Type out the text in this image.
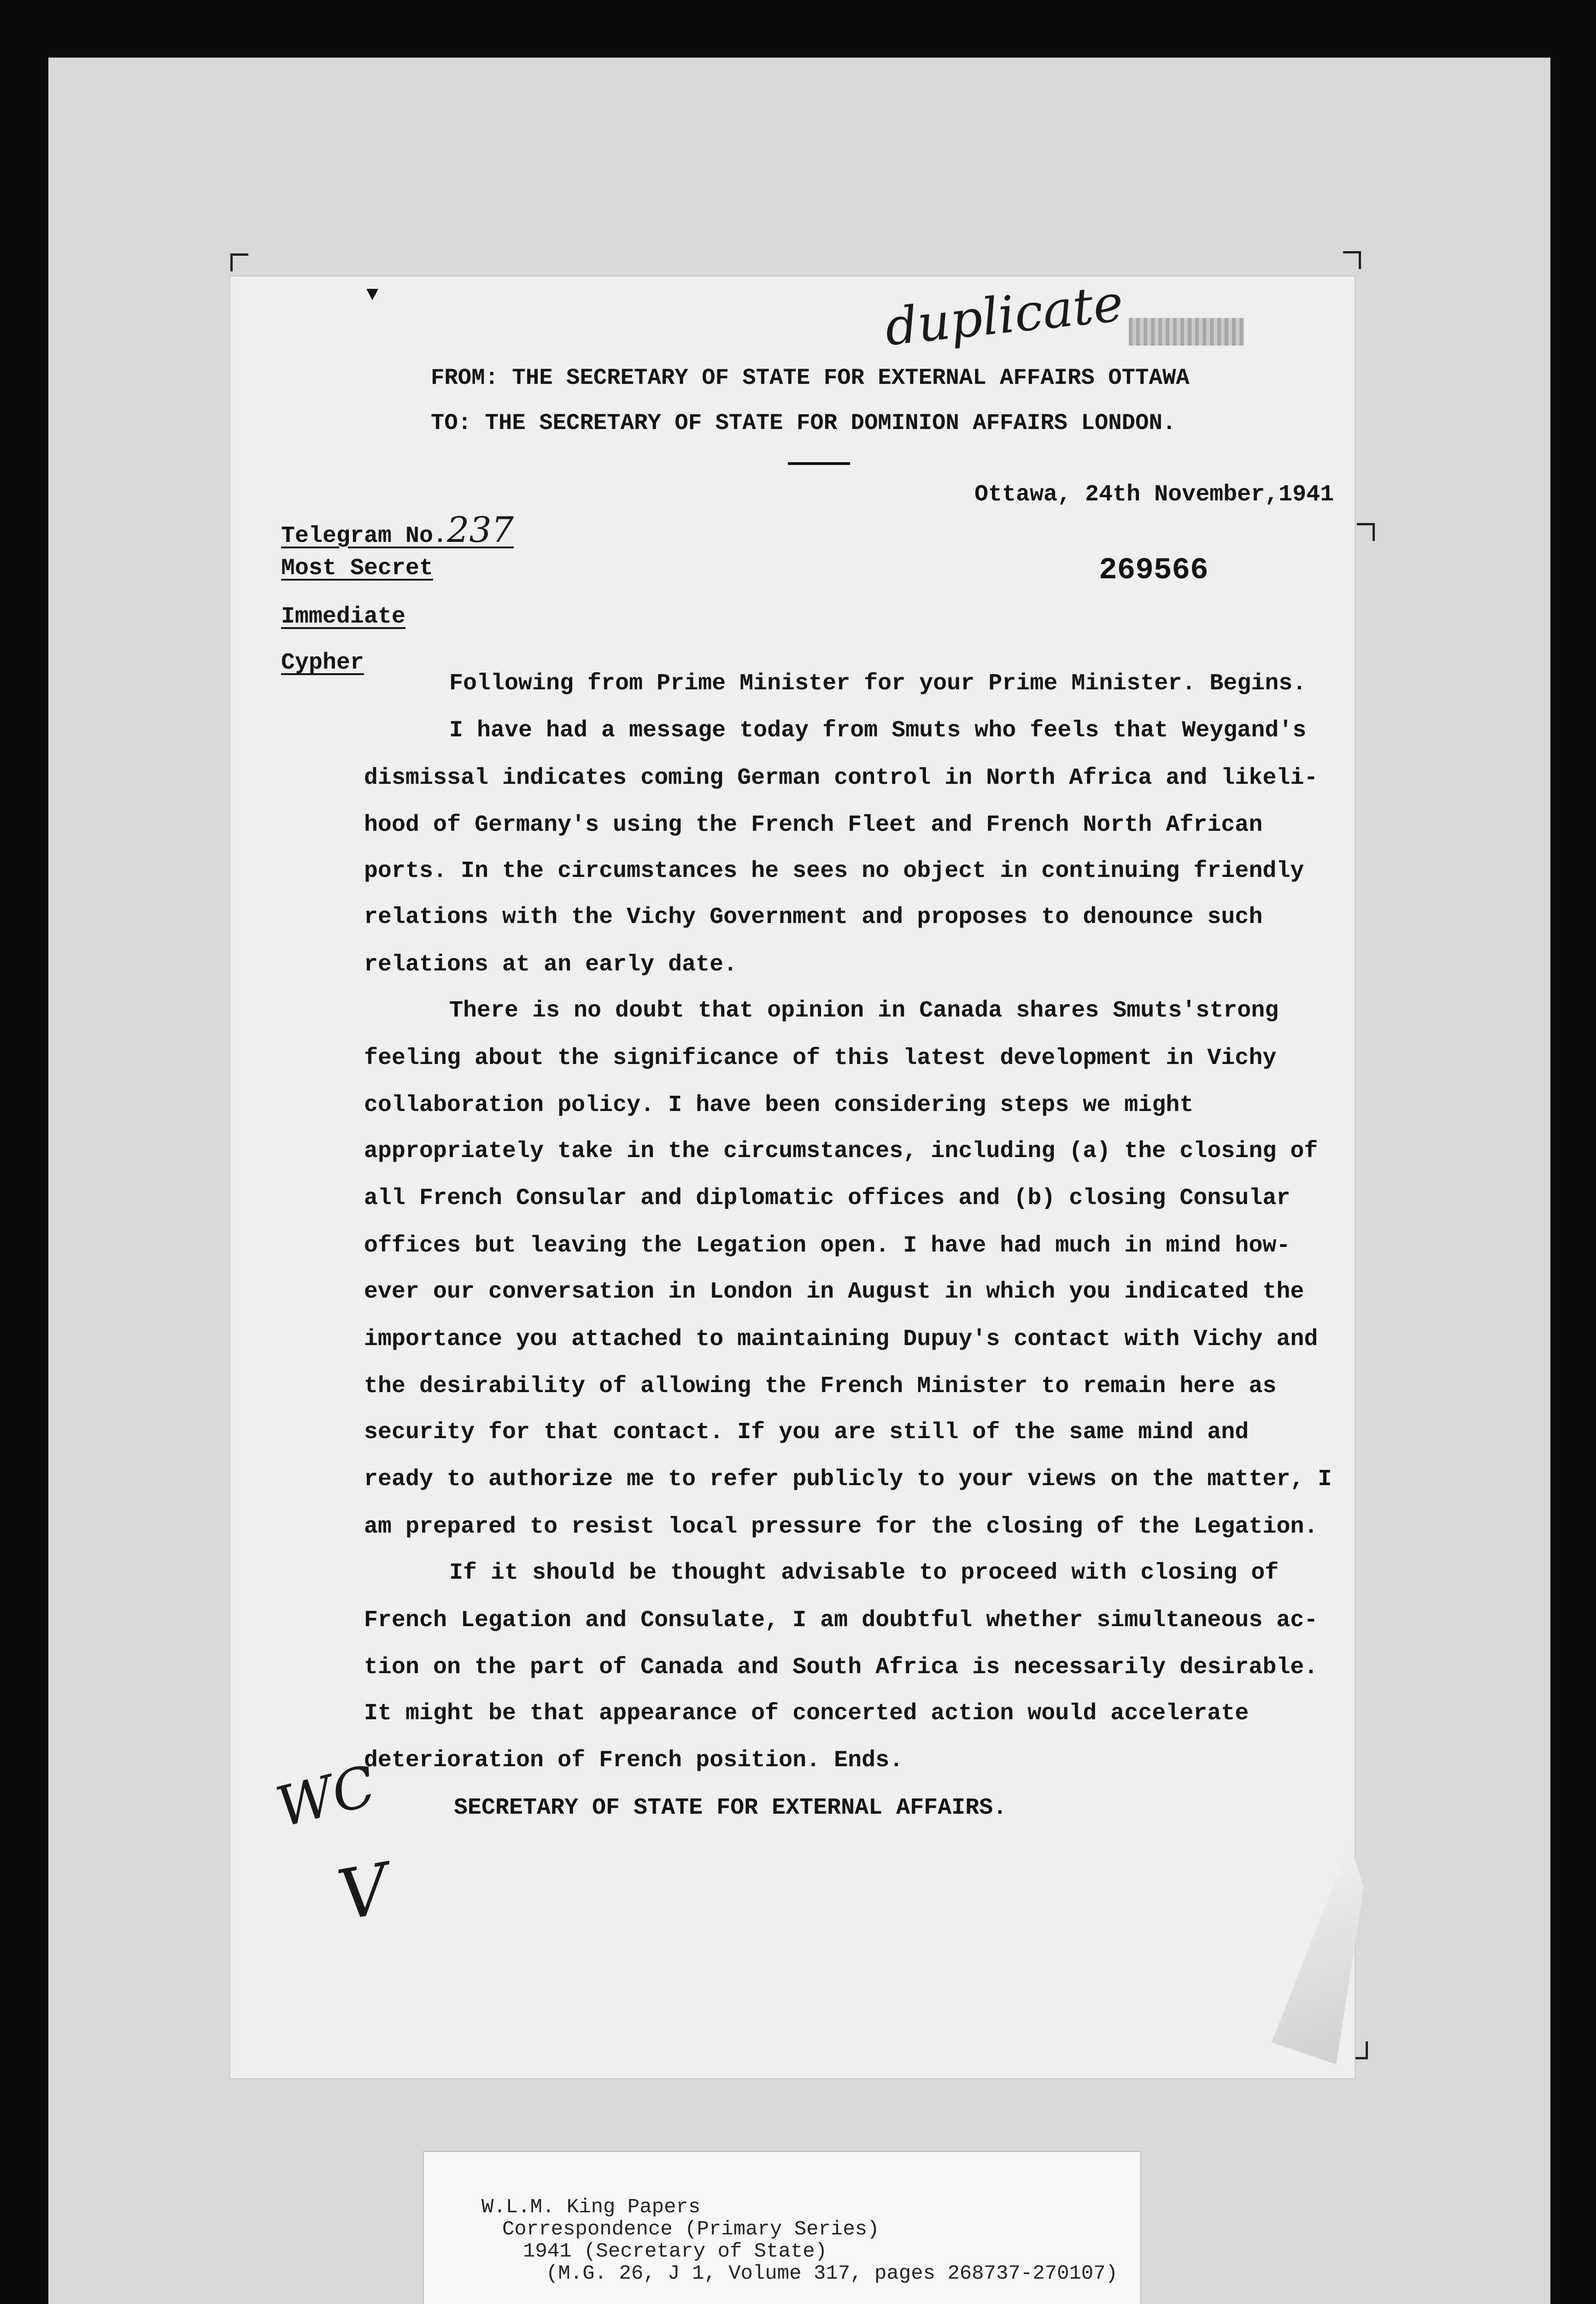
▼	duplicate
FROM: THE SECRETARY OF STATE FOR EXTERNAL AFFAIRS OTTAWA
TO: THE SECRETARY OF STATE FOR DOMINION AFFAIRS LONDON.
Ottawa, 24th November,1941
Telegram No.237
Most Secret
Immediate
Cypher
269566
Following from Prime Minister for your Prime Minister. Begins.
I have had a message today from Smuts who feels that Weygand's
dismissal indicates coming German control in North Africa and likeli-
hood of Germany's using the French Fleet and French North African
ports. In the circumstances he sees no object in continuing friendly
relations with the Vichy Government and proposes to denounce such
relations at an early date.
There is no doubt that opinion in Canada shares Smuts'strong
feeling about the significance of this latest development in Vichy
collaboration policy. I have been considering steps we might
appropriately take in the circumstances, including (a) the closing of
all French Consular and diplomatic offices and (b) closing Consular
offices but leaving the Legation open. I have had much in mind how-
ever our conversation in London in August in which you indicated the
importance you attached to maintaining Dupuy's contact with Vichy and
the desirability of allowing the French Minister to remain here as
security for that contact. If you are still of the same mind and
ready to authorize me to refer publicly to your views on the matter, I
am prepared to resist local pressure for the closing of the Legation.
If it should be thought advisable to proceed with closing of
French Legation and Consulate, I am doubtful whether simultaneous ac-
tion on the part of Canada and South Africa is necessarily desirable.
It might be that appearance of concerted action would accelerate
deterioration of French position. Ends.
SECRETARY OF STATE FOR EXTERNAL AFFAIRS.
WC
V
W.L.M. King Papers
Correspondence (Primary Series)
1941 (Secretary of State)
(M.G. 26, J 1, Volume 317, pages 268737-270107)
